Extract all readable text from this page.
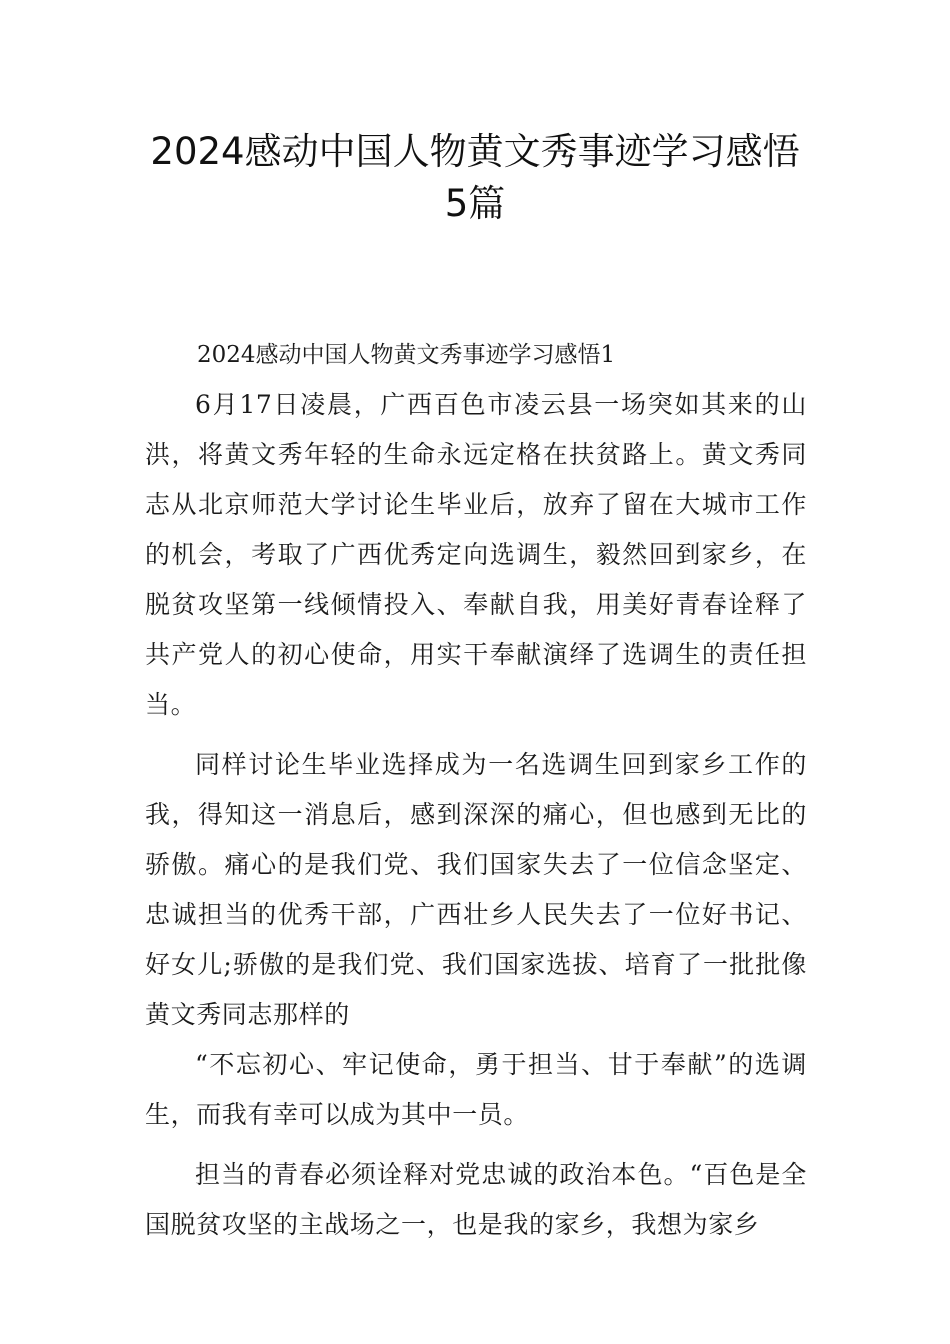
2024感动中国人物黄文秀事迹学习感悟
5篇

2024感动中国人物黄文秀事迹学习感悟1

6月17日凌晨，广西百色市凌云县一场突如其来的山洪，将黄文秀年轻的生命永远定格在扶贫路上。黄文秀同志从北京师范大学讨论生毕业后，放弃了留在大城市工作的机会，考取了广西优秀定向选调生，毅然回到家乡，在脱贫攻坚第一线倾情投入、奉献自我，用美好青春诠释了共产党人的初心使命，用实干奉献演绎了选调生的责任担当。

同样讨论生毕业选择成为一名选调生回到家乡工作的我，得知这一消息后，感到深深的痛心，但也感到无比的骄傲。痛心的是我们党、我们国家失去了一位信念坚定、忠诚担当的优秀干部，广西壮乡人民失去了一位好书记、好女儿;骄傲的是我们党、我们国家选拔、培育了一批批像黄文秀同志那样的

“不忘初心、牢记使命，勇于担当、甘于奉献”的选调生，而我有幸可以成为其中一员。

担当的青春必须诠释对党忠诚的政治本色。“百色是全国脱贫攻坚的主战场之一，也是我的家乡，我想为家乡
